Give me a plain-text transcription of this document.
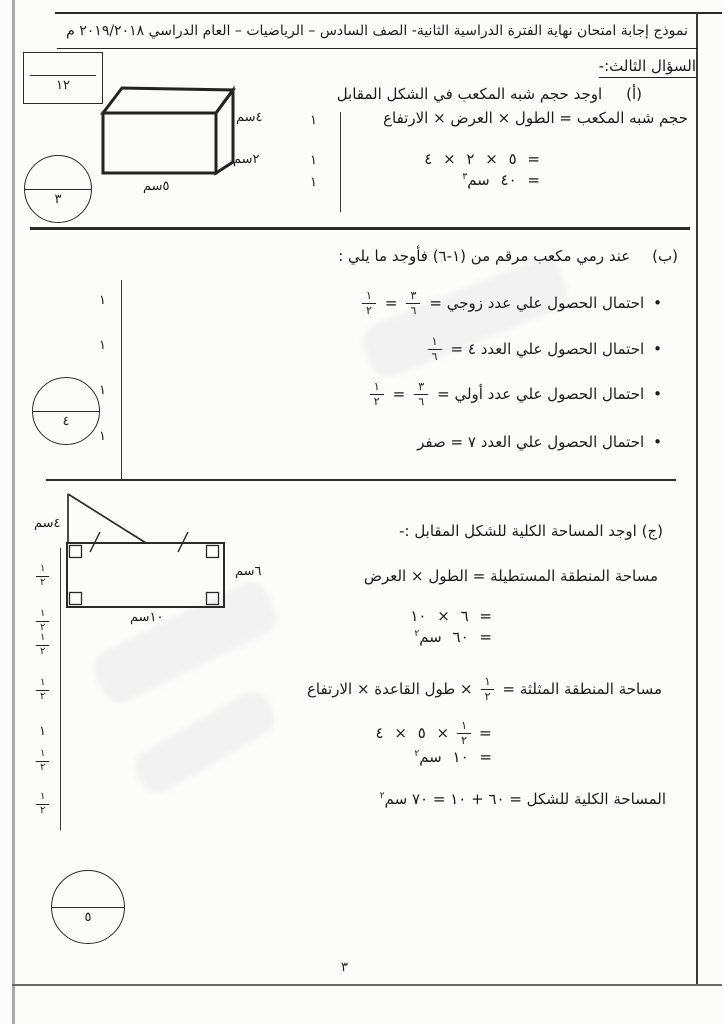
نموذج إجابة امتحان نهاية الفترة الدراسية الثانية- الصف السادس – الرياضيات – العام الدراسي ٢٠١٩/٢٠١٨ م
١٢
السؤال الثالث:-
(أ)
اوجد حجم شبه المكعب في الشكل المقابل
حجم شبه المكعب = الطول × العرض × الارتفاع
٤سم
٢سم
٥سم
= ٥ × ٢ × ٤
= ٤٠ سم$^٣$
١
١
١
٣
(ب)
عند رمي مكعب مرقم من (١-٦) فأوجد ما يلي :
•
احتمال الحصول علي عدد زوجي =
$\frac{٣}{٦}$
=
$\frac{١}{٢}$
•
احتمال الحصول علي العدد ٤ =
$\frac{١}{٦}$
•
احتمال الحصول علي عدد أولي =
$\frac{٣}{٦}$
=
$\frac{١}{٢}$
•
احتمال الحصول علي العدد ٧ = صفر
١
١
١
١
٤
(ج) اوجد المساحة الكلية للشكل المقابل :-
٤سم
٦سم
١٠سم
مساحة المنطقة المستطيلة = الطول × العرض
= ٦ × ١٠
= ٦٠ سم$^٢$
مساحة المنطقة المثلثة =
$\frac{١}{٢}$
× طول القاعدة × الارتفاع
=
$\frac{١}{٢}$
× ٥ × ٤
= ١٠ سم$^٢$
المساحة الكلية للشكل = ٦٠ + ١٠ = ٧٠ سم$^٢$
١
٢
١
٢
١
٢
١
٢
١
١
٢
١
٢
٥
٣
